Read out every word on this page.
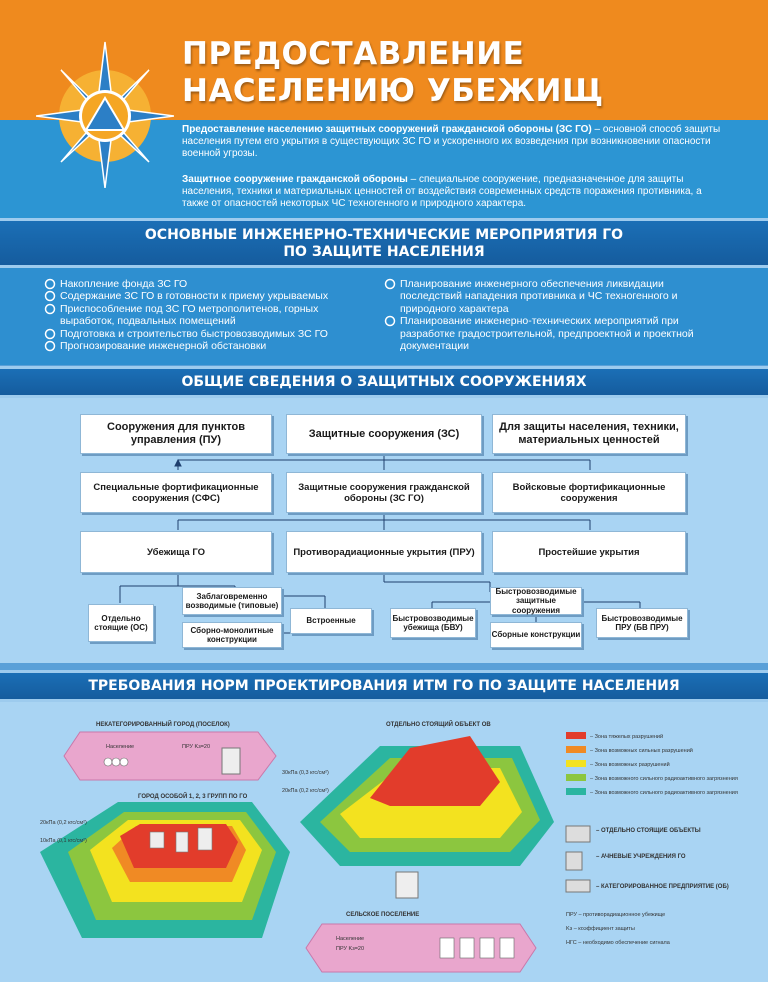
ПРЕДОСТАВЛЕНИЕ
НАСЕЛЕНИЮ УБЕЖИЩ
Предоставление населению защитных сооружений гражданской обороны (ЗС ГО) – основной способ защиты населения путем его укрытия в существующих ЗС ГО и ускоренного их возведения при возникновении опасности военной угрозы.
Защитное сооружение гражданской обороны – специальное сооружение, предназначенное для защиты населения, техники и материальных ценностей от воздействия современных средств поражения противника, а также от опасностей некоторых ЧС техногенного и природного характера.
ОСНОВНЫЕ ИНЖЕНЕРНО-ТЕХНИЧЕСКИЕ МЕРОПРИЯТИЯ ГО
ПО ЗАЩИТЕ НАСЕЛЕНИЯ
Накопление фонда ЗС ГО
Содержание ЗС ГО в готовности к приему укрываемых
Приспособление под ЗС ГО метрополитенов, горных выработок, подвальных помещений
Подготовка и строительство быстровозводимых ЗС ГО
Прогнозирование инженерной обстановки
Планирование инженерного обеспечения ликвидации последствий нападения противника и ЧС техногенного и природного характера
Планирование инженерно-технических мероприятий при разработке градостроительной, предпроектной и проектной документации
ОБЩИЕ СВЕДЕНИЯ О ЗАЩИТНЫХ СООРУЖЕНИЯХ
Сооружения для пунктов управления (ПУ)
Защитные сооружения (ЗС)
Для защиты населения, техники, материальных ценностей
Специальные фортификационные сооружения (СФС)
Защитные сооружения гражданской обороны (ЗС ГО)
Войсковые фортификационные сооружения
Убежища ГО	Противорадиационные укрытия (ПРУ)	Простейшие укрытия
Отдельно стоящие (ОС)
Заблаговременно возводимые (типовые)
Сборно-монолитные конструкции
Встроенные	Быстровозводимые убежища (БВУ)
Быстровозводимые защитные сооружения
Сборные конструкции
Быстровозводимые ПРУ (БВ ПРУ)
ТРЕБОВАНИЯ НОРМ ПРОЕКТИРОВАНИЯ ИТМ ГО ПО ЗАЩИТЕ НАСЕЛЕНИЯ
НЕКАТЕГОРИРОВАННЫЙ ГОРОД (ПОСЕЛОК)
Население	ПРУ Kз=20
ОТДЕЛЬНО СТОЯЩИЙ ОБЪЕКТ ОВ
30кПа (0,3 кгс/см²)
20кПа (0,2 кгс/см²)
ГОРОД ОСОБОЙ 1, 2, 3 ГРУПП ПО ГО
20кПа (0,2 кгс/см²)
10кПа (0,1 кгс/см²)
– Зона тяжелых разрушений
– Зона возможных сильных разрушений
– Зона возможных разрушений
– Зона возможного сильного радиоактивного загрязнения
– Зона возможного сильного радиоактивного загрязнения
– ОТДЕЛЬНО СТОЯЩИЕ ОБЪЕКТЫ
– АЧНЕВЫЕ УЧРЕЖДЕНИЯ ГО
– КАТЕГОРИРОВАННОЕ ПРЕДПРИЯТИЕ (ОБ)
ПРУ – противорадиационное убежище
Kз – коэффициент защиты
НГС – необходимо обеспечение сигнала
СЕЛЬСКОЕ ПОСЕЛЕНИЕ
Население
ПРУ Kз=20
